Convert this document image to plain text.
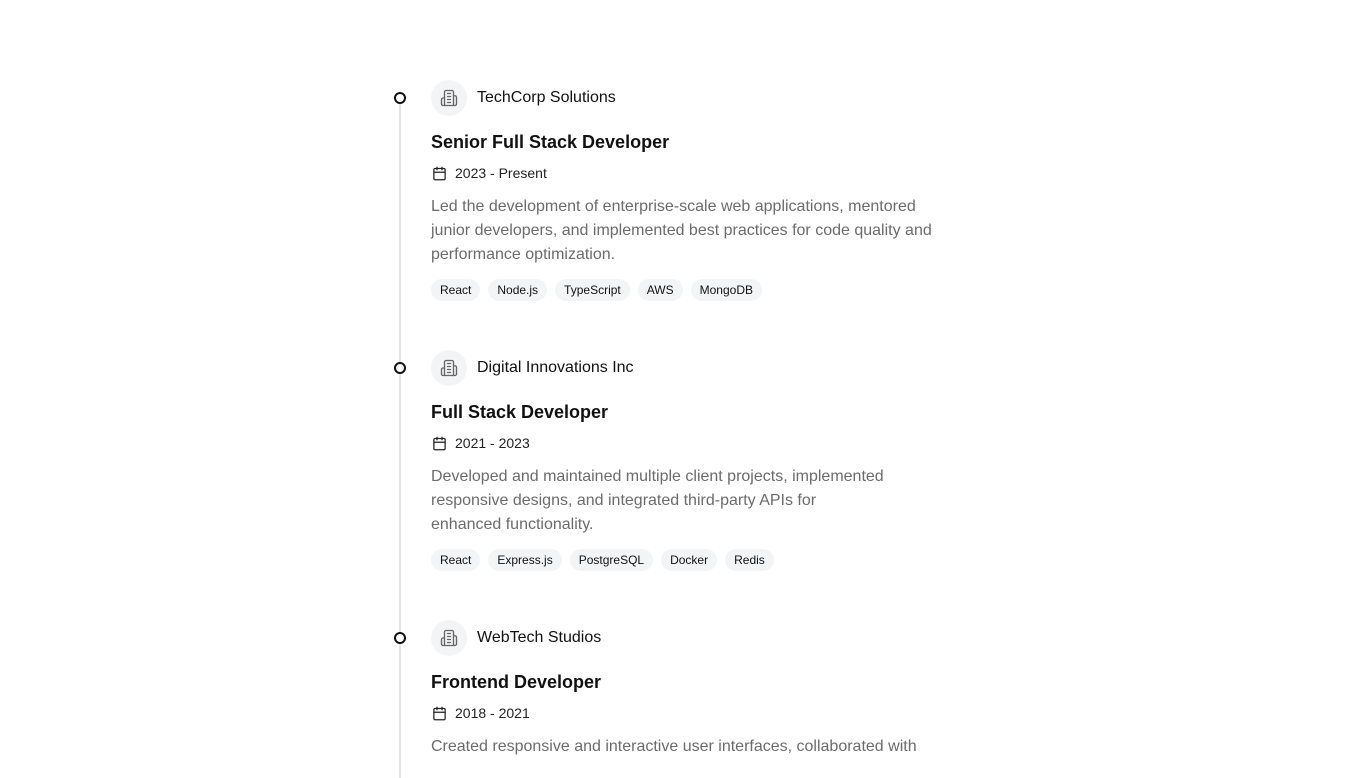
TechCorp Solutions
Senior Full Stack Developer
2023 - Present
Led the development of enterprise-scale web applications, mentored
junior developers, and implemented best practices for code quality and
performance optimization.
React	Node.js	TypeScript	AWS	MongoDB
Digital Innovations Inc
Full Stack Developer
2021 - 2023
Developed and maintained multiple client projects, implemented
responsive designs, and integrated third-party APIs for
enhanced functionality.
React	Express.js	PostgreSQL	Docker	Redis
WebTech Studios
Frontend Developer
2018 - 2021
Created responsive and interactive user interfaces, collaborated with
